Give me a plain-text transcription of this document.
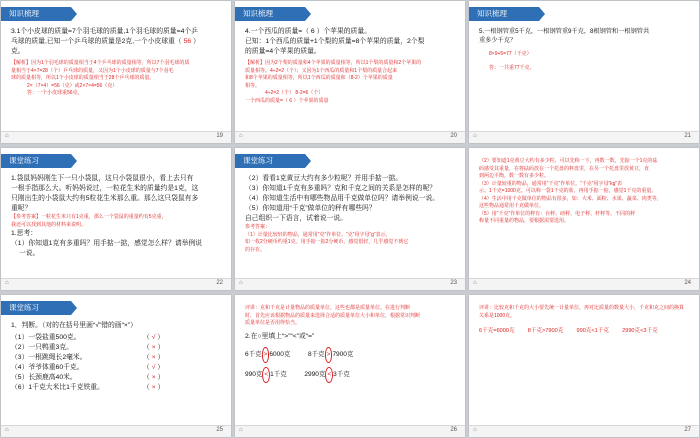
知识梳理
3.1个小皮球的质量=7个羽毛球的质量,1个羽毛球的质量=4个乒
乓球的质量,已知一个乒乓球的质量是2克,一个小皮球重（ 56 ）
克。
【解析】因为1个羽毛球的质量相当于4个乒乓球的质量相等，所以7个羽毛球的质
量相当于4×7=28（个）乒乓球的质量，又因为1个小皮球的质量与7个羽毛
球的质量相等，所以1个小皮球的质量相当于28个乒乓球的质量。
2×（7×4）=56（克）或2×7×4=56（克）
答：一个小皮球重56克。
⌂	19
知识梳理
4.一个西瓜的质量=（ 6 ）个苹果的质量。
已知：1个西瓜的质量+1个梨的质量=8个苹果的质量，2个梨
的质量=4个苹果的质量。
【解析】因为2个梨的质量和4个苹果的质量相等，所以1个梨的质量和2个苹果的
质量相等。4÷2=2（个）；又因为1个西瓜的质量和1个梨的质量合起来
和8个苹果的质量相等，所以1个西瓜的质量和（8-2）个苹果的质量
相等。
4÷2=2（个） 8-2=6（个）
一个西瓜的质量=（ 6 ）个苹果的质量
⌂	20
知识梳理
5.一根钢管重5千克，一根钢管重9千克，8根钢管和一根钢管共
重多少千克？
8×9+5=77（千克）
答：一共重77千克。
⌂	21
课堂练习
1.袋鼠妈妈刚生下一只小袋鼠，这只小袋鼠很小，看上去只有
一根手指那么大。听妈妈说过，一粒花生米的质量约是1克，这
只刚出生的小袋鼠大约有5粒花生米那么重。那么这只袋鼠有多
重呢？
【参考答案】一粒花生米只有1克重，那么一个袋鼠的重量约有5克重，
我还可以找到其他的材料来说明。
1.思考：
（1）你知道1克有多重吗？用手掂一掂，感觉怎么样？请举例说
一说。
⌂	22
课堂练习
（2）看看1克黄豆大约有多少粒呢？并用手掂一掂。
（3）你知道1千克有多重吗？克和千克之间的关系是怎样的呢？
（4）你知道生活中有哪些物品用千克做单位吗？请举例说一说。
（5）你知道用“千克”做单位的秤有哪些吗？
自己组织一下语言，试着说一说。
参考答案：
（1）计量比较轻的物品，通常用“克”作单位。“克”用字母“g”表示。
如一枚2分硬币约重1克。用手掂一掂2分硬币，感觉很轻，几乎感觉不到它
的存在。
⌂	23
（2）要知道1克黄豆大约有多少粒，可以先称一下，再数一数，先掂一个1克的砝
码感受其重量，在将砝码放在一个托盘的秤盘里，在另一个托盘里放黄豆，直
到两边平衡，数一数有多少粒。
（3）计量较重的物品，通常用“千克”作单位。“千克”用字母“kg”表
示。1千克=1000克。可以称一袋1千克的盐，再用手掂一掂，感觉1千克的重量。
（4）生活中用千克做单位的物品有很多，如：大米、面粉、水果、蔬菜、肉类等，
这些物品通常用千克做单位。
（5）用“千克”作单位的秤有：台秤、磅秤、电子秤、杆秤等，不同的秤
称量不同重量的物品，要根据需要选用。
⌂	24
课堂练习
1．判断。（对的在括号里画“√”错的画“×”）
（1）一袋盐重500克。	（ √ ）
（2）一只鸭重3克。	（ × ）
（3）一根跳绳长2毫米。	（ × ）
（4）爷爷体重60千克。	（ √ ）
（5）长颈鹿高40米。	（ × ）
（6）1千克大米比1千克铁重。	（ × ）
⌂	25
评讲：克和千克是计量物品的质量单位，这些也都是质量单位。在进行判断
时，首先应该根据物品的质量来选择合适的质量单位大小和单位，根据常识判断
质量单位是否用得恰当。
2.在○里填上“>”“<”或“=”
6千克 > 6000克	8千克 > 7900克
990克 < 1千克	2990克 < 3千克
⌂	26
评讲：比较克和千克的大小要先统一计量单位，再对比质量的数量大小，千克和克之间的换算
关系是1000克。
6千克=6000克 8千克>7900克 990克<1千克 2990克<3千克
⌂	27
